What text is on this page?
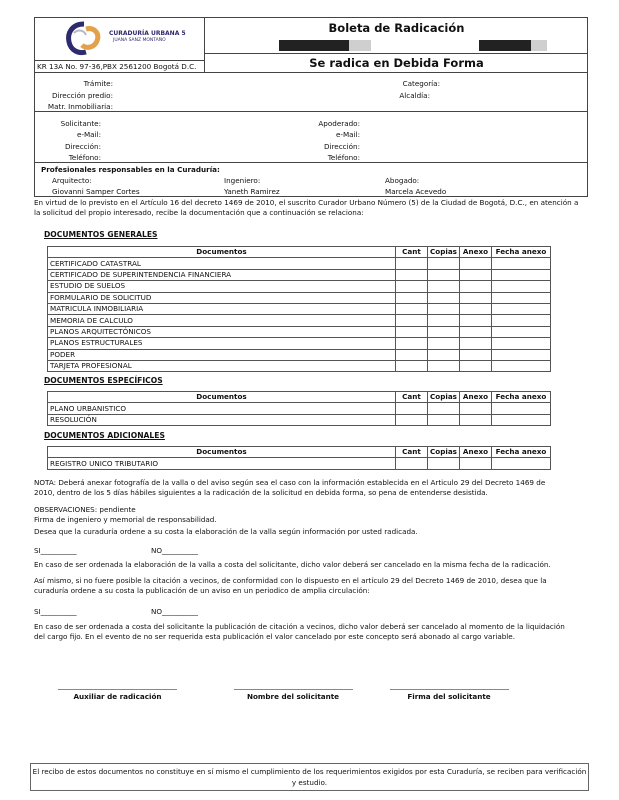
CURADURÍA URBANA 5
JUANA SANZ MONTAÑO
KR 13A No. 97-36,PBX 2561200 Bogotá D.C.
Boleta de Radicación
Se radica en Debida Forma
Trámite:
Dirección predio:
Matr. Inmobiliaria:
Categoría:
Alcaldía:
Solicitante:
e-Mail:
Dirección:
Teléfono:
Apoderado:
e-Mail:
Dirección:
Teléfono:
Profesionales responsables en la Curaduría:
Arquitecto:	Ingeniero:	Abogado:
Giovanni Samper Cortes	Yaneth Ramirez	Marcela Acevedo
En virtud de lo previsto en el Artículo 16 del decreto 1469 de 2010, el suscrito Curador Urbano Número (5) de la Ciudad de Bogotá, D.C., en atención a la solicitud del propio interesado, recibe la documentación que a continuación se relaciona:
DOCUMENTOS GENERALES
Documentos	Cant	Copias	Anexo	Fecha anexo
CERTIFICADO CATASTRAL				
CERTIFICADO DE SUPERINTENDENCIA FINANCIERA				
ESTUDIO DE SUELOS				
FORMULARIO DE SOLICITUD				
MATRICULA INMOBILIARIA				
MEMORIA DE CALCULO				
PLANOS ARQUITECTÓNICOS				
PLANOS ESTRUCTURALES				
PODER				
TARJETA PROFESIONAL				
DOCUMENTOS ESPECÍFICOS
Documentos	Cant	Copias	Anexo	Fecha anexo
PLANO URBANISTICO				
RESOLUCIÓN				
DOCUMENTOS ADICIONALES
Documentos	Cant	Copias	Anexo	Fecha anexo
REGISTRO UNICO TRIBUTARIO				
NOTA: Deberá anexar fotografía de la valla o del aviso según sea el caso con la información establecida en el Articulo 29 del Decreto 1469 de 2010, dentro de los 5 días hábiles siguientes a la radicación de la solicitud en debida forma, so pena de entenderse desistida.
OBSERVACIONES: pendiente
Firma de ingeniero y memorial de responsabilidad.
Desea que la curaduría ordene a su costa la elaboración de la valla según información por usted radicada.
SI__________	NO__________
En caso de ser ordenada la elaboración de la valla a costa del solicitante, dicho valor deberá ser cancelado en la misma fecha de la radicación.
Así mismo, si no fuere posible la citación a vecinos, de conformidad con lo dispuesto en el artículo 29 del Decreto 1469 de 2010, desea que la curaduría ordene a su costa la publicación de un aviso en un periodico de amplia circulación:
SI__________	NO__________
En caso de ser ordenada a costa del solicitante la publicación de citación a vecinos, dicho valor deberá ser cancelado al momento de la liquidación del cargo fijo. En el evento de no ser requerida esta publicación el valor cancelado por este concepto será abonado al cargo variable.
Auxiliar de radicación	Nombre del solicitante	Firma del solicitante
El recibo de estos documentos no constituye en sí mismo el cumplimiento de los requerimientos exigidos por esta Curaduría, se reciben para verificación y estudio.
